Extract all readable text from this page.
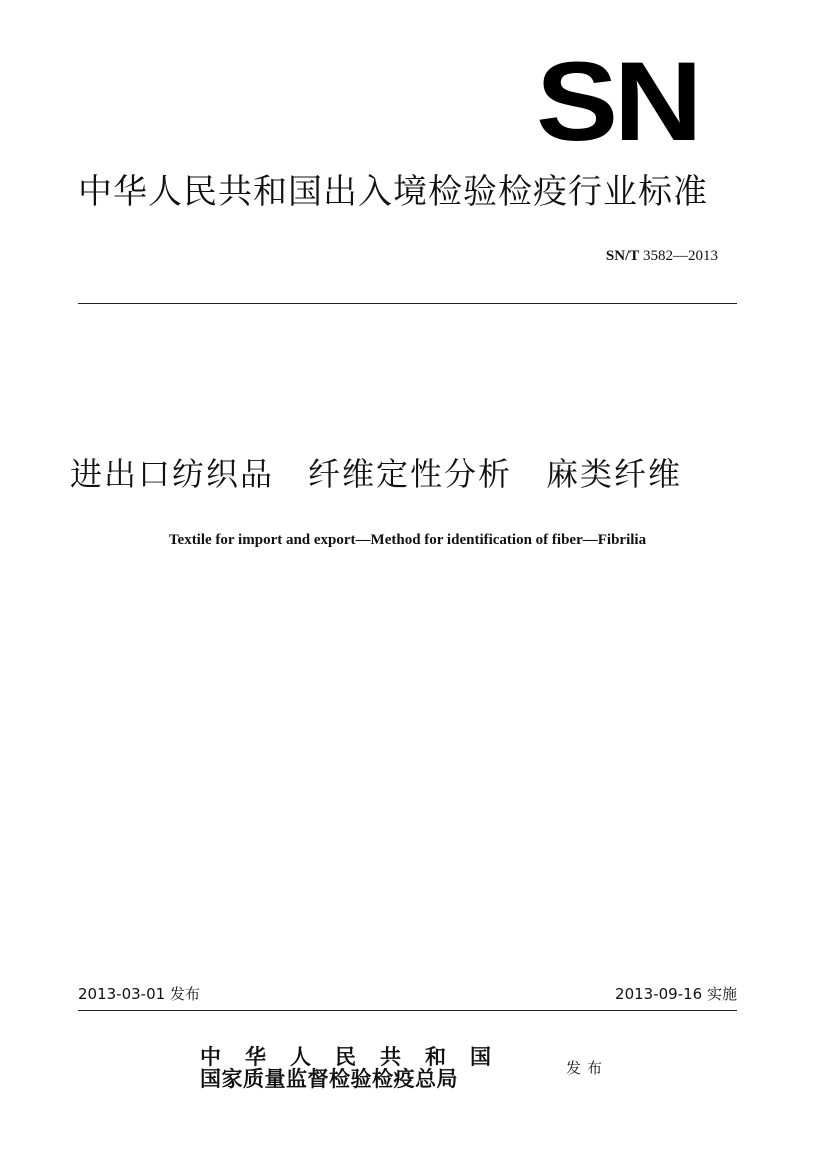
SN
中华人民共和国出入境检验检疫行业标准
SN/T 3582—2013
进出口纺织品 纤维定性分析 麻类纤维
Textile for import and export—Method for identification of fiber—Fibrilia
2013-03-01 发布	2013-09-16 实施
中华人民共和国
国家质量监督检验检疫总局	发布
